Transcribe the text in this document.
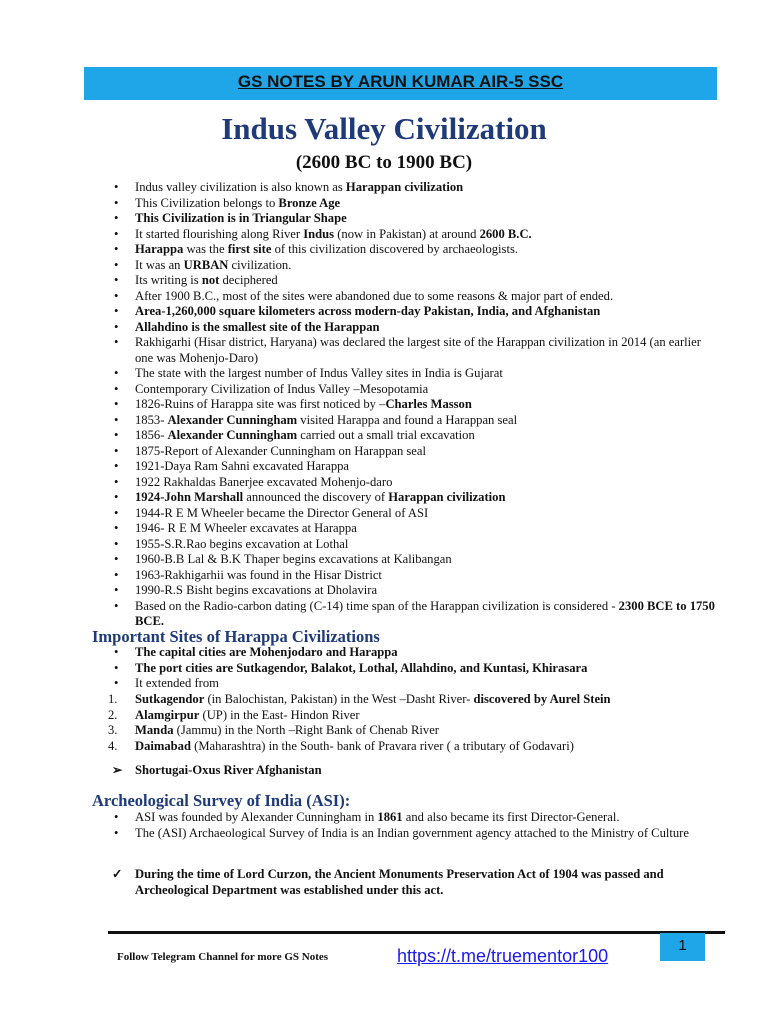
GS NOTES BY ARUN KUMAR AIR-5 SSC
Indus Valley Civilization
(2600 BC to 1900 BC)
•	Indus valley civilization is also known as Harappan civilization
•	This Civilization belongs to Bronze Age
•	This Civilization is in Triangular Shape
•	It started flourishing along River Indus (now in Pakistan) at around 2600 B.C.
•	Harappa was the first site of this civilization discovered by archaeologists.
•	It was an URBAN civilization.
•	Its writing is not deciphered
•	After 1900 B.C., most of the sites were abandoned due to some reasons & major part of ended.
•	Area-1,260,000 square kilometers across modern-day Pakistan, India, and Afghanistan
•	Allahdino is the smallest site of the Harappan
•	Rakhigarhi (Hisar district, Haryana) was declared the largest site of the Harappan civilization in 2014 (an earlier one was Mohenjo-Daro)
•	The state with the largest number of Indus Valley sites in India is Gujarat
•	Contemporary Civilization of Indus Valley –Mesopotamia
•	1826-Ruins of Harappa site was first noticed by –Charles Masson
•	1853- Alexander Cunningham visited Harappa and found a Harappan seal
•	1856- Alexander Cunningham carried out a small trial excavation
•	1875-Report of Alexander Cunningham on Harappan seal
•	1921-Daya Ram Sahni excavated Harappa
•	1922 Rakhaldas Banerjee excavated Mohenjo-daro
•	1924-John Marshall announced the discovery of Harappan civilization
•	1944-R E M Wheeler became the Director General of ASI
•	1946- R E M Wheeler excavates at Harappa
•	1955-S.R.Rao begins excavation at Lothal
•	1960-B.B Lal & B.K Thaper begins excavations at Kalibangan
•	1963-Rakhigarhii was found in the Hisar District
•	1990-R.S Bisht begins excavations at Dholavira
•	Based on the Radio-carbon dating (C-14) time span of the Harappan civilization is considered - 2300 BCE to 1750 BCE.
Important Sites of Harappa Civilizations
•	The capital cities are Mohenjodaro and Harappa
•	The port cities are Sutkagendor, Balakot, Lothal, Allahdino, and Kuntasi, Khirasara
•	It extended from
1.	Sutkagendor (in Balochistan, Pakistan) in the West –Dasht River- discovered by Aurel Stein
2.	Alamgirpur (UP) in the East- Hindon River
3.	Manda (Jammu) in the North –Right Bank of Chenab River
4.	Daimabad (Maharashtra) in the South- bank of Pravara river ( a tributary of Godavari)
➢ Shortugai-Oxus River Afghanistan
Archeological Survey of India (ASI):
•	ASI was founded by Alexander Cunningham in 1861 and also became its first Director-General.
•	The (ASI) Archaeological Survey of India is an Indian government agency attached to the Ministry of Culture
✓ During the time of Lord Curzon, the Ancient Monuments Preservation Act of 1904 was passed and Archeological Department was established under this act.
Follow Telegram Channel for more GS Notes	https://t.me/truementor100
1
